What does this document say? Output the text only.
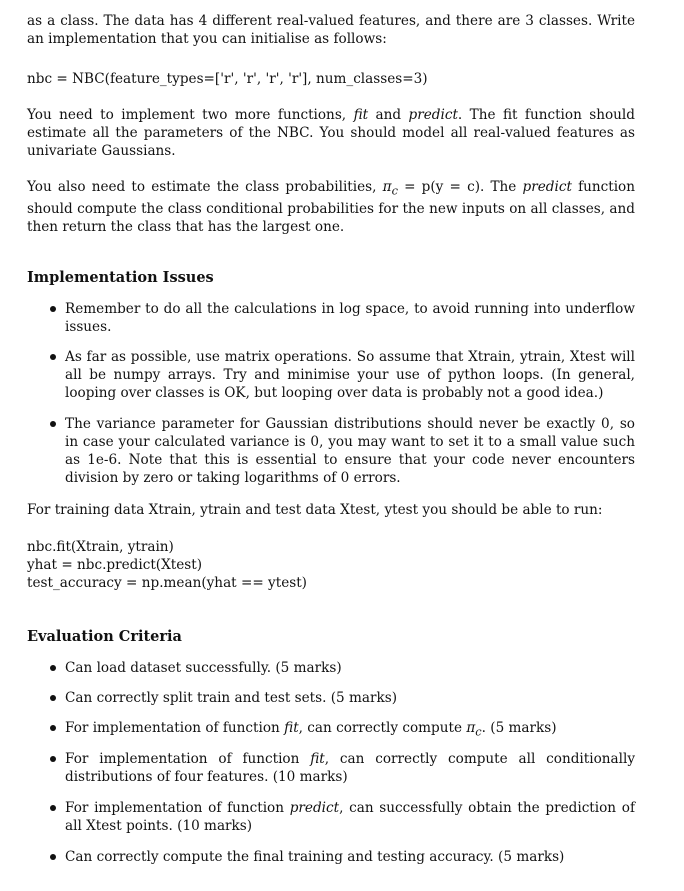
as a class. The data has 4 different real-valued features, and there are 3 classes. Write an implementation that you can initialise as follows:

nbc = NBC(feature_types=['r', 'r', 'r', 'r'], num_classes=3)

You need to implement two more functions, fit and predict. The fit function should estimate all the parameters of the NBC. You should model all real-valued features as univariate Gaussians.

You also need to estimate the class probabilities, $\pi_c = p(y = c)$. The predict function should compute the class conditional probabilities for the new inputs on all classes, and then return the class that has the largest one.

Implementation Issues
Remember to do all the calculations in log space, to avoid running into underflow issues.
As far as possible, use matrix operations. So assume that Xtrain, ytrain, Xtest will all be numpy arrays. Try and minimise your use of python loops. (In general, looping over classes is OK, but looping over data is probably not a good idea.)
The variance parameter for Gaussian distributions should never be exactly 0, so in case your calculated variance is 0, you may want to set it to a small value such as 1e-6. Note that this is essential to ensure that your code never encounters division by zero or taking logarithms of 0 errors.

For training data Xtrain, ytrain and test data Xtest, ytest you should be able to run:

nbc.fit(Xtrain, ytrain)
yhat = nbc.predict(Xtest)
test_accuracy = np.mean(yhat == ytest)
Evaluation Criteria
Can load dataset successfully. (5 marks)
Can correctly split train and test sets. (5 marks)
For implementation of function fit, can correctly compute $\pi_c$. (5 marks)
For implementation of function fit, can correctly compute all conditionally distributions of four features. (10 marks)
For implementation of function predict, can successfully obtain the prediction of all Xtest points. (10 marks)
Can correctly compute the final training and testing accuracy. (5 marks)
